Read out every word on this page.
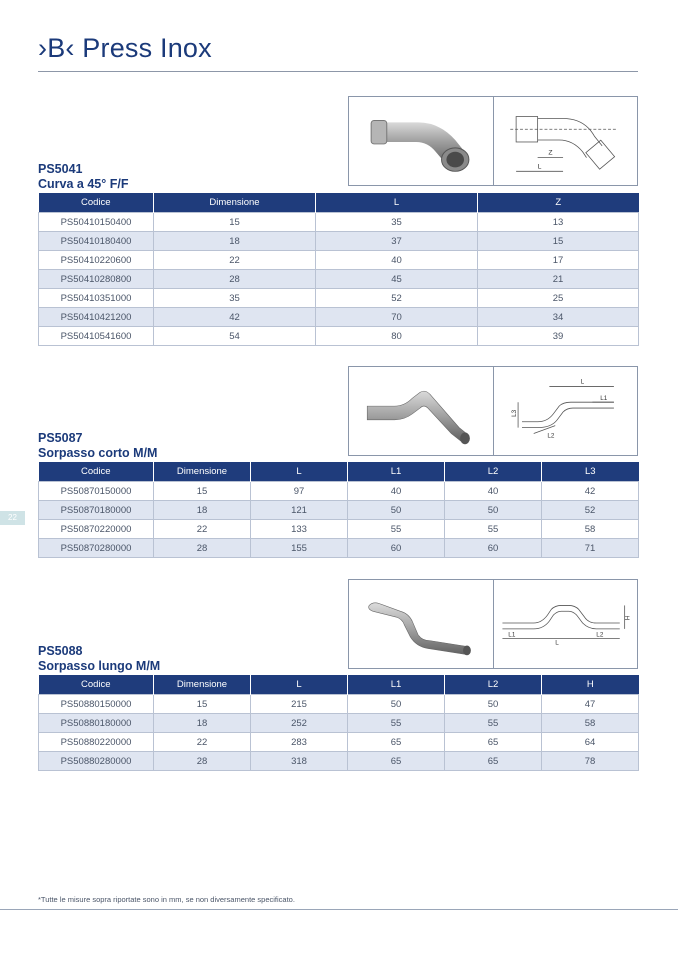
›B‹ Press Inox
22
Z
L
PS5041
Curva a 45° F/F
Codice	Dimensione	L	Z
PS50410150400	15	35	13
PS50410180400	18	37	15
PS50410220600	22	40	17
PS50410280800	28	45	21
PS50410351000	35	52	25
PS50410421200	42	70	34
PS50410541600	54	80	39
L
L1
L3
L2
PS5087
Sorpasso corto M/M
Codice	Dimensione	L	L1	L2	L3
PS50870150000	15	97	40	40	42
PS50870180000	18	121	50	50	52
PS50870220000	22	133	55	55	58
PS50870280000	28	155	60	60	71
H
L1
L
L2
PS5088
Sorpasso lungo M/M
Codice	Dimensione	L	L1	L2	H
PS50880150000	15	215	50	50	47
PS50880180000	18	252	55	55	58
PS50880220000	22	283	65	65	64
PS50880280000	28	318	65	65	78
*Tutte le misure sopra riportate sono in mm, se non diversamente specificato.
